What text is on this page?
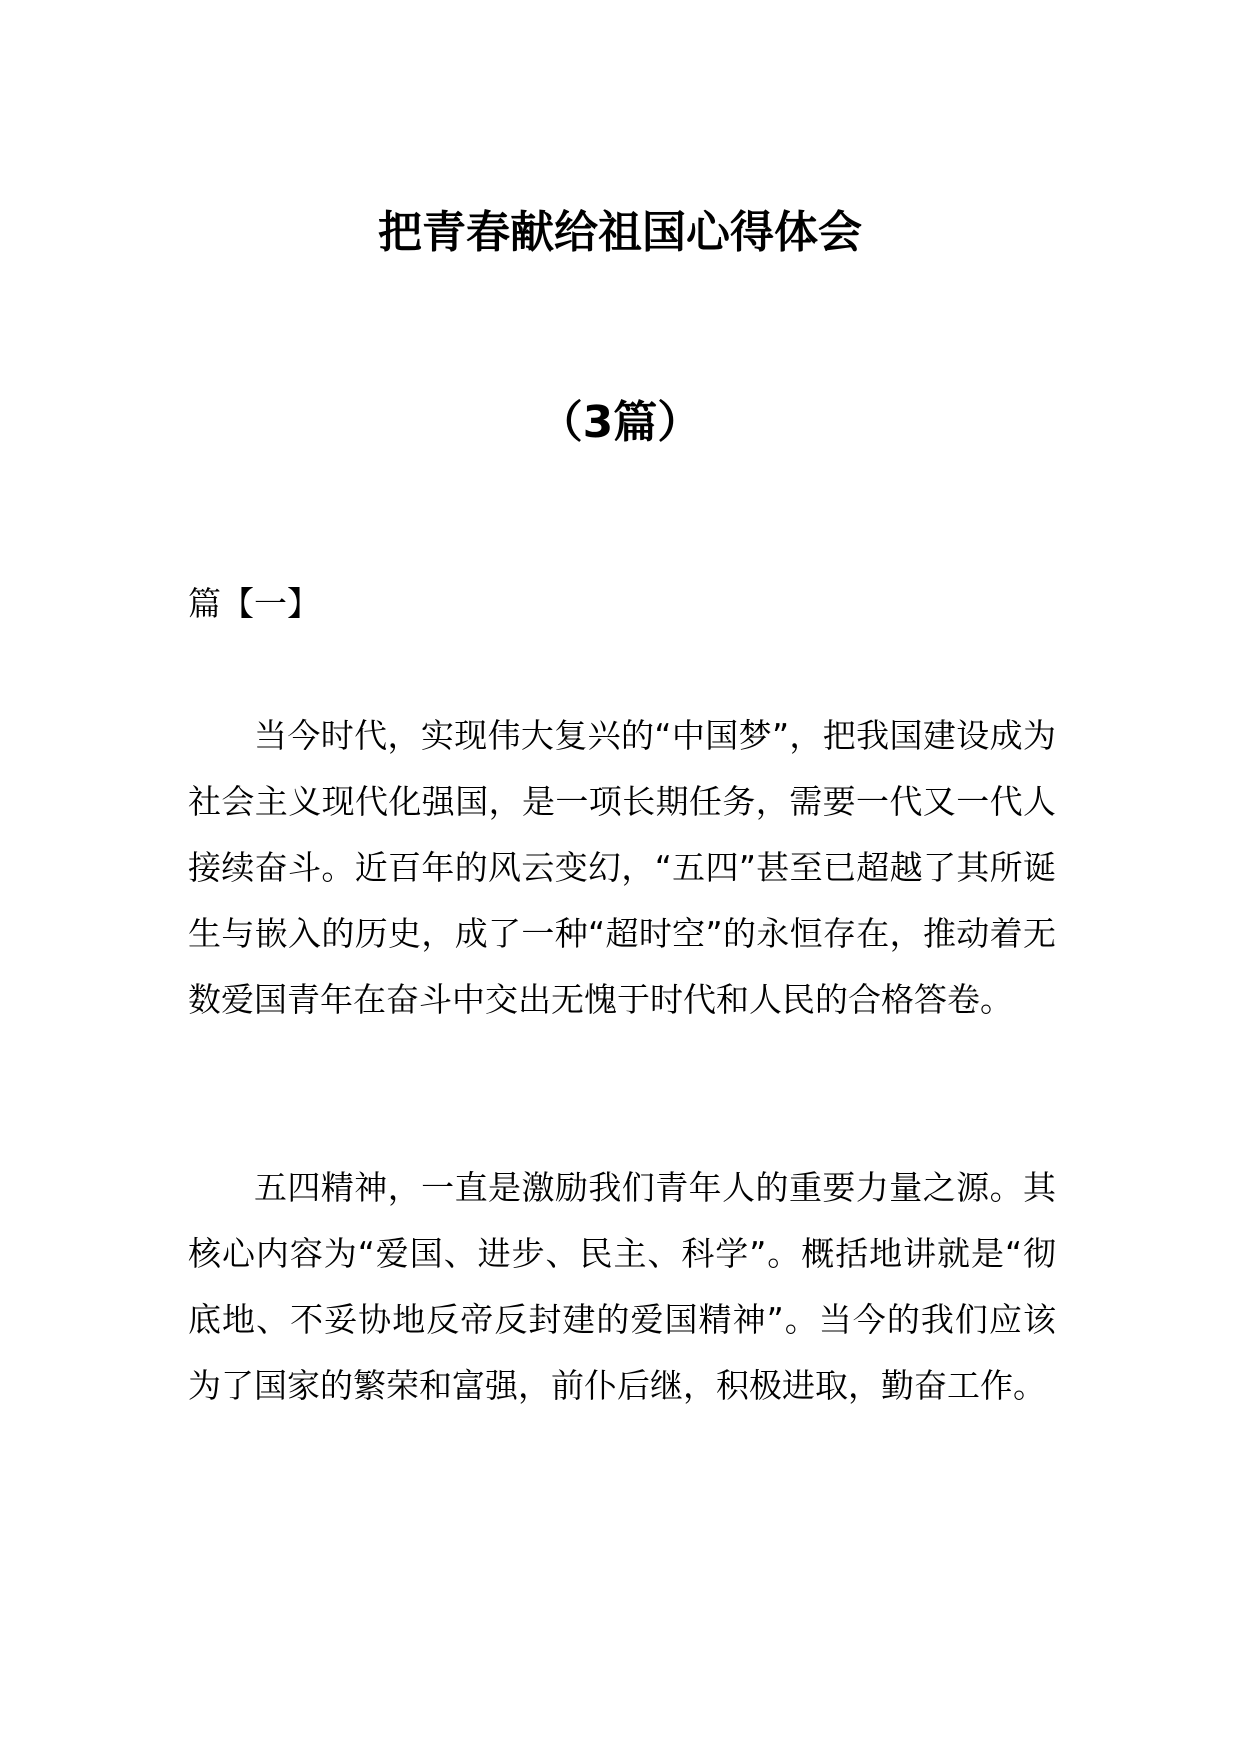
把青春献给祖国心得体会
（3篇）
篇【一】

当今时代，实现伟大复兴的“中国梦”，把我国建设成为社会主义现代化强国，是一项长期任务，需要一代又一代人接续奋斗。近百年的风云变幻，“五四”甚至已超越了其所诞生与嵌入的历史，成了一种“超时空”的永恒存在，推动着无数爱国青年在奋斗中交出无愧于时代和人民的合格答卷。

五四精神，一直是激励我们青年人的重要力量之源。其核心内容为“爱国、进步、民主、科学”。概括地讲就是“彻底地、不妥协地反帝反封建的爱国精神”。当今的我们应该为了国家的繁荣和富强，前仆后继，积极进取，勤奋工作。
